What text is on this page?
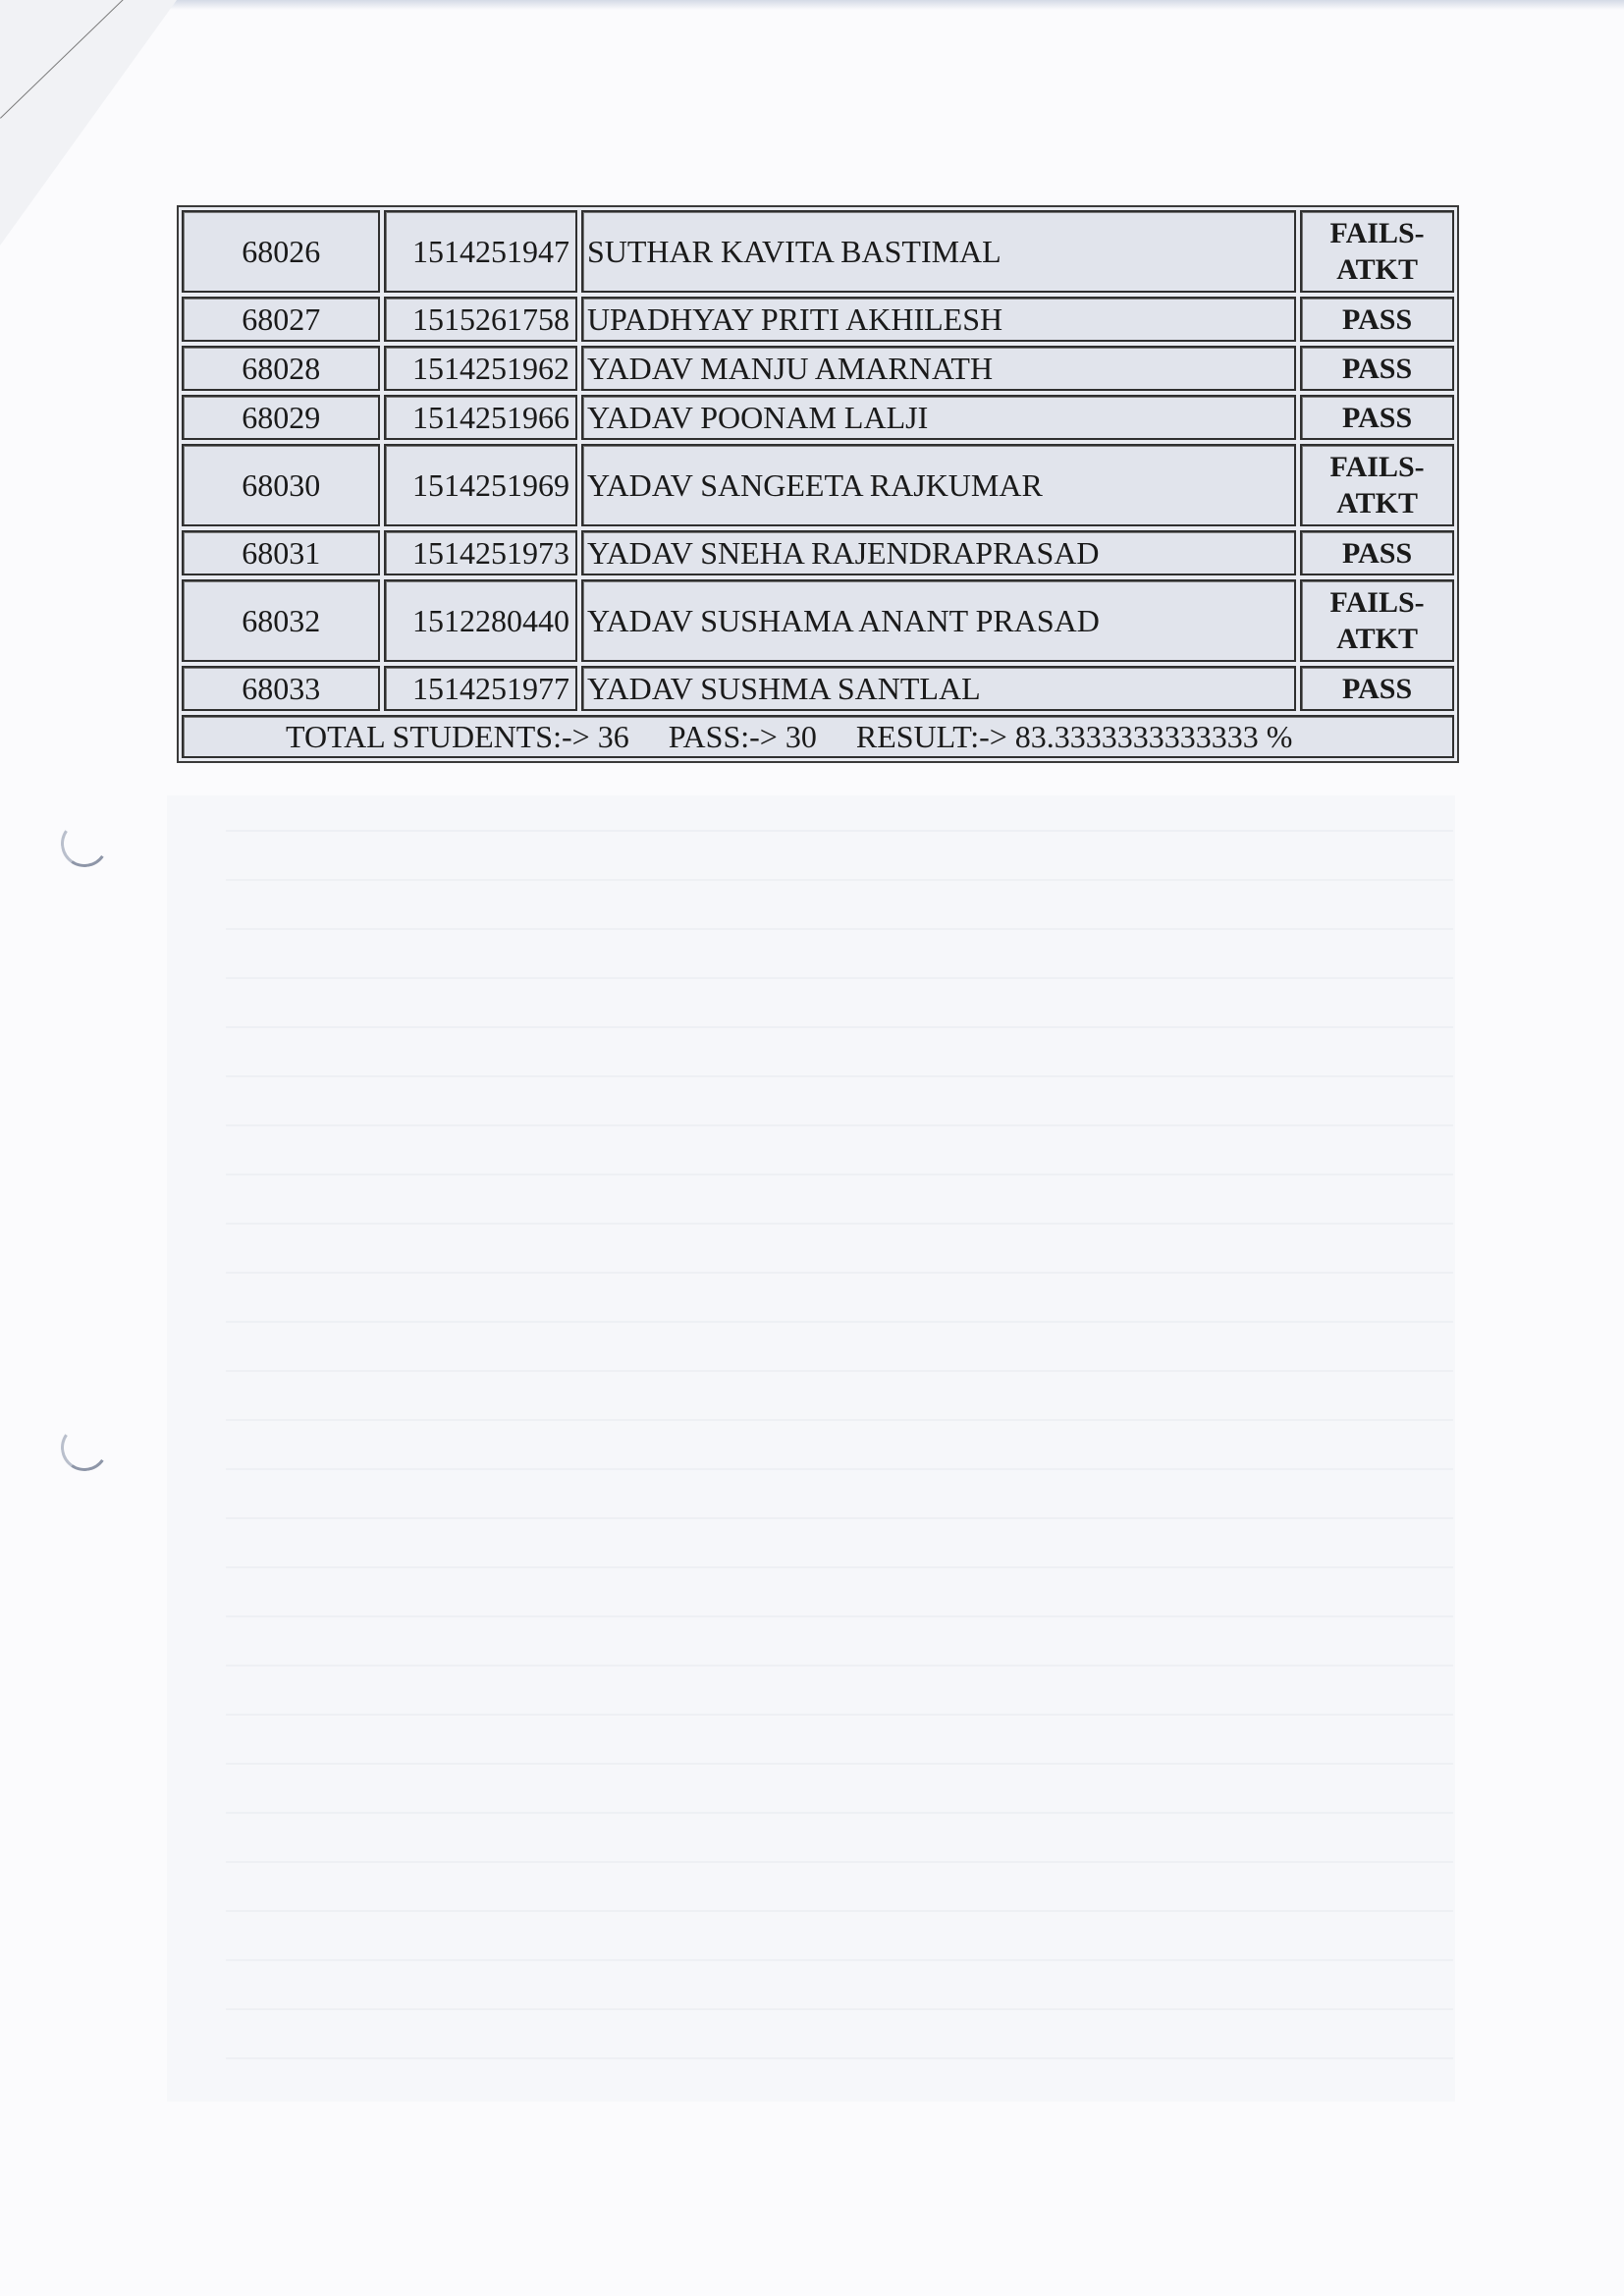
68026	1514251947 SUTHAR KAVITA BASTIMAL	FAILS-ATKT
68027	1515261758 UPADHYAY PRITI AKHILESH	PASS
68028	1514251962 YADAV MANJU AMARNATH	PASS
68029	1514251966 YADAV POONAM LALJI	PASS
68030	1514251969 YADAV SANGEETA RAJKUMAR	FAILS-ATKT
68031	1514251973 YADAV SNEHA RAJENDRAPRASAD	PASS
68032	1512280440 YADAV SUSHAMA ANANT PRASAD	FAILS-ATKT
68033	1514251977 YADAV SUSHMA SANTLAL	PASS
TOTAL STUDENTS:->
36
PASS:->
30
RESULT:->
83.3333333333333 %
